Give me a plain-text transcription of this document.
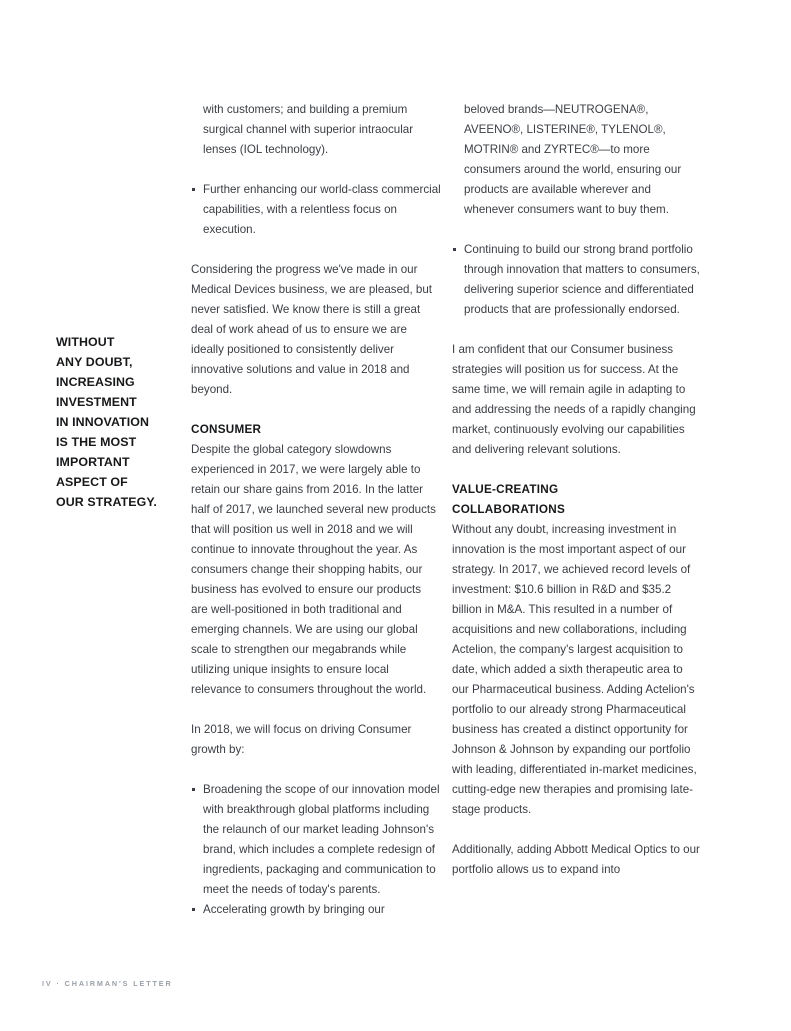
WITHOUT
ANY DOUBT,
INCREASING
INVESTMENT
IN INNOVATION
IS THE MOST
IMPORTANT
ASPECT OF
OUR STRATEGY.

with customers; and building a premium surgical channel with superior intraocular lenses (IOL technology).

Further enhancing our world-class commercial capabilities, with a relentless focus on execution.

Considering the progress we've made in our Medical Devices business, we are pleased, but never satisfied. We know there is still a great deal of work ahead of us to ensure we are ideally positioned to consistently deliver innovative solutions and value in 2018 and beyond.

CONSUMER

Despite the global category slowdowns experienced in 2017, we were largely able to retain our share gains from 2016. In the latter half of 2017, we launched several new products that will position us well in 2018 and we will continue to innovate throughout the year. As consumers change their shopping habits, our business has evolved to ensure our products are well-positioned in both traditional and emerging channels. We are using our global scale to strengthen our megabrands while utilizing unique insights to ensure local relevance to consumers throughout the world.

In 2018, we will focus on driving Consumer growth by:

Broadening the scope of our innovation model with breakthrough global platforms including the relaunch of our market leading Johnson's brand, which includes a complete redesign of ingredients, packaging and communication to meet the needs of today's parents.
Accelerating growth by bringing our

beloved brands—NEUTROGENA®, AVEENO®, LISTERINE®, TYLENOL®, MOTRIN® and ZYRTEC®—to more consumers around the world, ensuring our products are available wherever and whenever consumers want to buy them.

Continuing to build our strong brand portfolio through innovation that matters to consumers, delivering superior science and differentiated products that are professionally endorsed.

I am confident that our Consumer business strategies will position us for success. At the same time, we will remain agile in adapting to and addressing the needs of a rapidly changing market, continuously evolving our capabilities and delivering relevant solutions.

VALUE-CREATING
COLLABORATIONS

Without any doubt, increasing investment in innovation is the most important aspect of our strategy. In 2017, we achieved record levels of investment: $10.6 billion in R&D and $35.2 billion in M&A. This resulted in a number of acquisitions and new collaborations, including Actelion, the company's largest acquisition to date, which added a sixth therapeutic area to our Pharmaceutical business. Adding Actelion's portfolio to our already strong Pharmaceutical business has created a distinct opportunity for Johnson & Johnson by expanding our portfolio with leading, differentiated in-market medicines, cutting-edge new therapies and promising late-stage products.

Additionally, adding Abbott Medical Optics to our portfolio allows us to expand into

IV · CHAIRMAN'S LETTER
